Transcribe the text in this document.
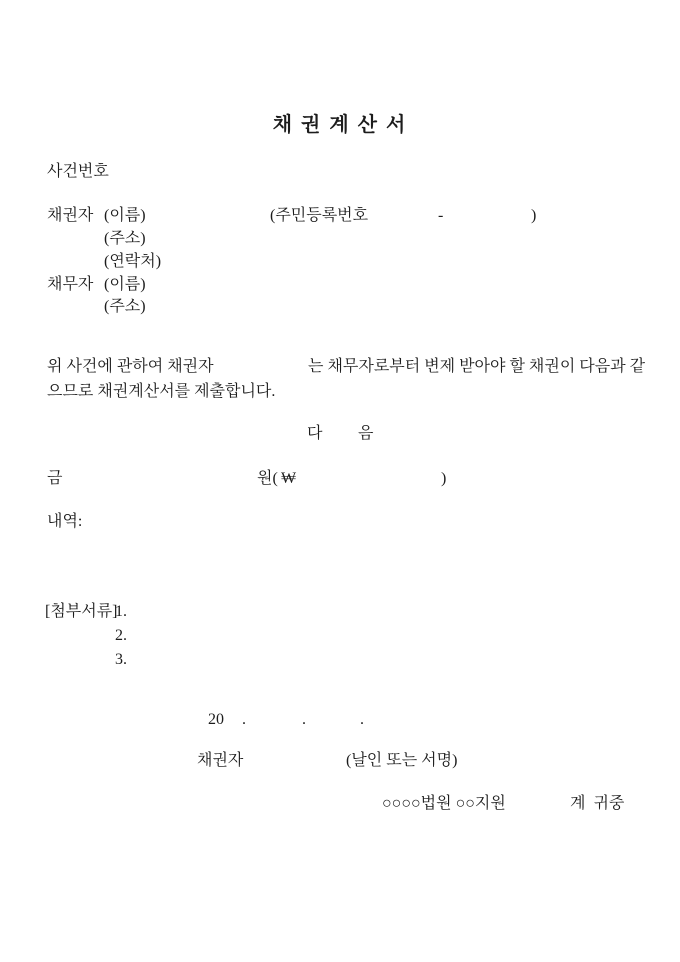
채 권 계 산 서
사건번호
채권자 (이름)	(주민등록번호	-	)
(주소)
(연락처)
채무자 (이름)
(주소)
위 사건에 관하여 채권자	는 채무자로부터 변제 받아야 할 채권이 다음과 같
으므로 채권계산서를 제출합니다.
다 음
금	원( ₩	)
내역:
[첨부서류]
1.
2.
3.
20 .	.	.
채권자	(날인 또는 서명)
○○○○법원 ○○지원	계  귀중
